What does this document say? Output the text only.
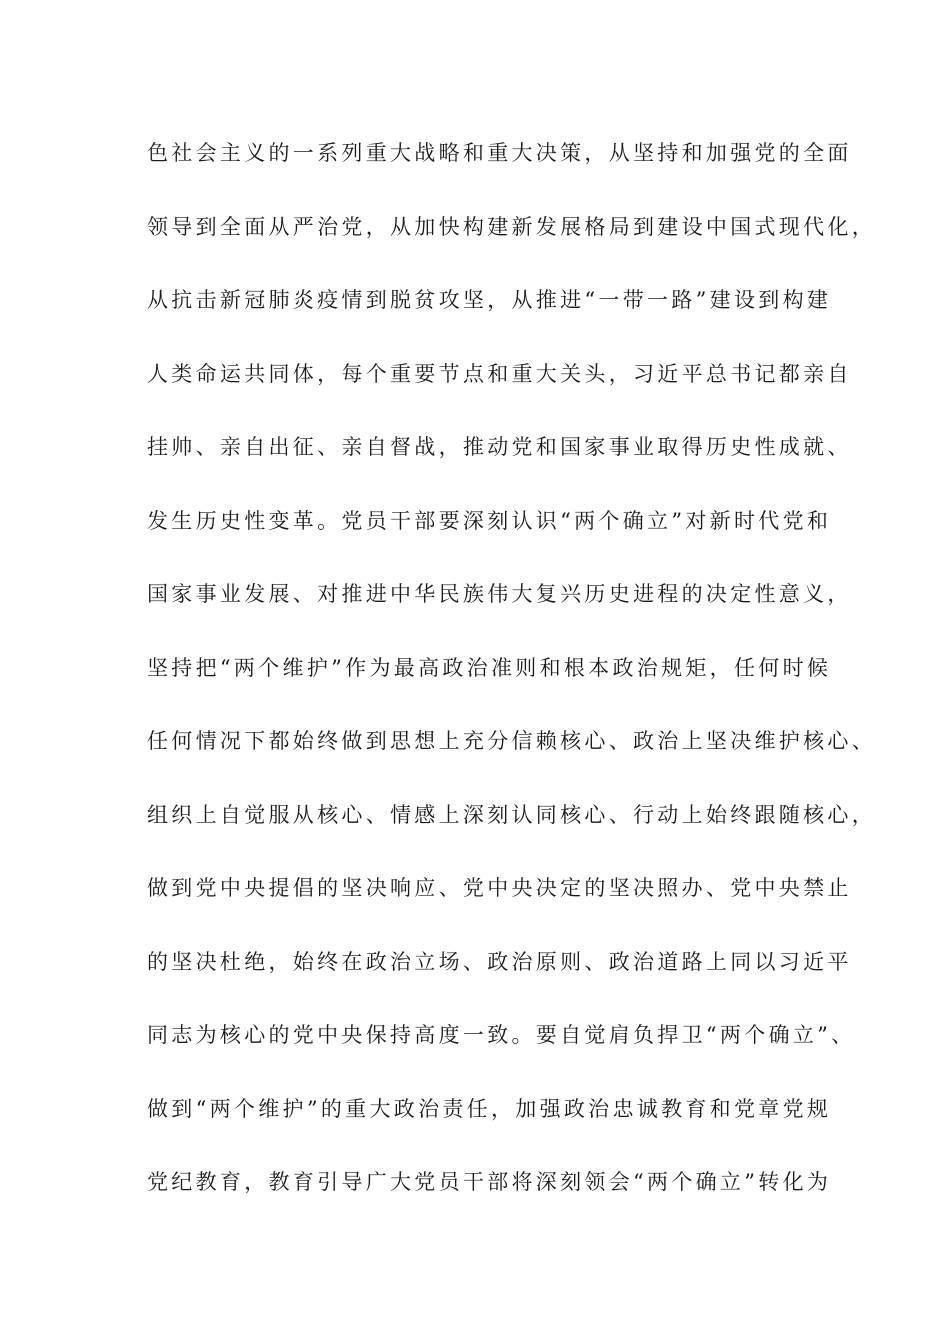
色社会主义的一系列重大战略和重大决策，从坚持和加强党的全面
领导到全面从严治党，从加快构建新发展格局到建设中国式现代化，
从抗击新冠肺炎疫情到脱贫攻坚，从推进“一带一路”建设到构建
人类命运共同体，每个重要节点和重大关头，习近平总书记都亲自
挂帅、亲自出征、亲自督战，推动党和国家事业取得历史性成就、
发生历史性变革。党员干部要深刻认识“两个确立”对新时代党和
国家事业发展、对推进中华民族伟大复兴历史进程的决定性意义，
坚持把“两个维护”作为最高政治准则和根本政治规矩，任何时候
任何情况下都始终做到思想上充分信赖核心、政治上坚决维护核心、
组织上自觉服从核心、情感上深刻认同核心、行动上始终跟随核心，
做到党中央提倡的坚决响应、党中央决定的坚决照办、党中央禁止
的坚决杜绝，始终在政治立场、政治原则、政治道路上同以习近平
同志为核心的党中央保持高度一致。要自觉肩负捍卫“两个确立”、
做到“两个维护”的重大政治责任，加强政治忠诚教育和党章党规
党纪教育，教育引导广大党员干部将深刻领会“两个确立”转化为
